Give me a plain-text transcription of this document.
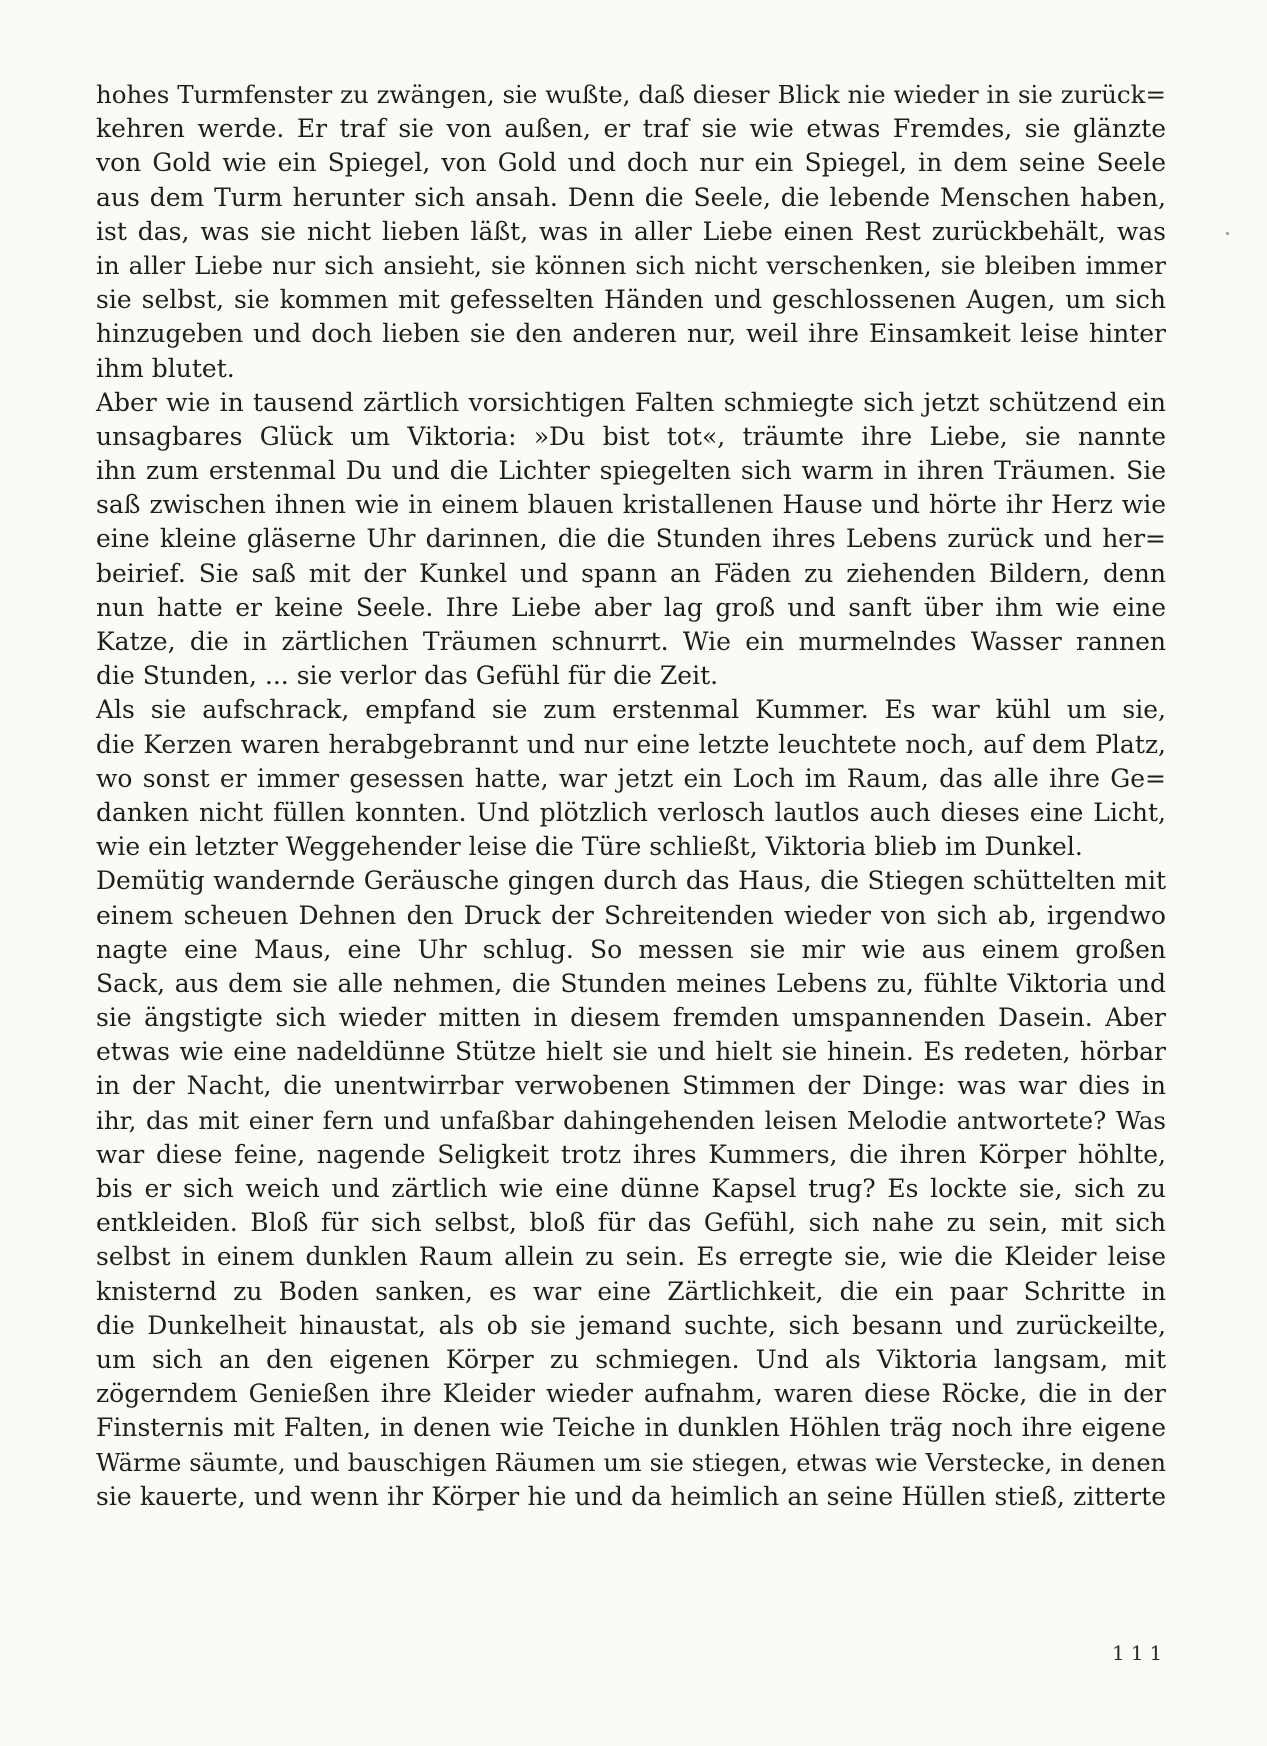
hohes Turmfenster zu zwängen, sie wußte, daß dieser Blick nie wieder in sie zurück=
kehren werde. Er traf sie von außen, er traf sie wie etwas Fremdes, sie glänzte
von Gold wie ein Spiegel, von Gold und doch nur ein Spiegel, in dem seine Seele
aus dem Turm herunter sich ansah. Denn die Seele, die lebende Menschen haben,
ist das, was sie nicht lieben läßt, was in aller Liebe einen Rest zurückbehält, was
in aller Liebe nur sich ansieht, sie können sich nicht verschenken, sie bleiben immer
sie selbst, sie kommen mit gefesselten Händen und geschlossenen Augen, um sich
hinzugeben und doch lieben sie den anderen nur, weil ihre Einsamkeit leise hinter
ihm blutet.
Aber wie in tausend zärtlich vorsichtigen Falten schmiegte sich jetzt schützend ein
unsagbares Glück um Viktoria: »Du bist tot«, träumte ihre Liebe, sie nannte
ihn zum erstenmal Du und die Lichter spiegelten sich warm in ihren Träumen. Sie
saß zwischen ihnen wie in einem blauen kristallenen Hause und hörte ihr Herz wie
eine kleine gläserne Uhr darinnen, die die Stunden ihres Lebens zurück und her=
beirief. Sie saß mit der Kunkel und spann an Fäden zu ziehenden Bildern, denn
nun hatte er keine Seele. Ihre Liebe aber lag groß und sanft über ihm wie eine
Katze, die in zärtlichen Träumen schnurrt. Wie ein murmelndes Wasser rannen
die Stunden, ... sie verlor das Gefühl für die Zeit.
Als sie aufschrack, empfand sie zum erstenmal Kummer. Es war kühl um sie,
die Kerzen waren herabgebrannt und nur eine letzte leuchtete noch, auf dem Platz,
wo sonst er immer gesessen hatte, war jetzt ein Loch im Raum, das alle ihre Ge=
danken nicht füllen konnten. Und plötzlich verlosch lautlos auch dieses eine Licht,
wie ein letzter Weggehender leise die Türe schließt, Viktoria blieb im Dunkel.
Demütig wandernde Geräusche gingen durch das Haus, die Stiegen schüttelten mit
einem scheuen Dehnen den Druck der Schreitenden wieder von sich ab, irgendwo
nagte eine Maus, eine Uhr schlug. So messen sie mir wie aus einem großen
Sack, aus dem sie alle nehmen, die Stunden meines Lebens zu, fühlte Viktoria und
sie ängstigte sich wieder mitten in diesem fremden umspannenden Dasein. Aber
etwas wie eine nadeldünne Stütze hielt sie und hielt sie hinein. Es redeten, hörbar
in der Nacht, die unentwirrbar verwobenen Stimmen der Dinge: was war dies in
ihr, das mit einer fern und unfaßbar dahingehenden leisen Melodie antwortete? Was
war diese feine, nagende Seligkeit trotz ihres Kummers, die ihren Körper höhlte,
bis er sich weich und zärtlich wie eine dünne Kapsel trug? Es lockte sie, sich zu
entkleiden. Bloß für sich selbst, bloß für das Gefühl, sich nahe zu sein, mit sich
selbst in einem dunklen Raum allein zu sein. Es erregte sie, wie die Kleider leise
knisternd zu Boden sanken, es war eine Zärtlichkeit, die ein paar Schritte in
die Dunkelheit hinaustat, als ob sie jemand suchte, sich besann und zurückeilte,
um sich an den eigenen Körper zu schmiegen. Und als Viktoria langsam, mit
zögerndem Genießen ihre Kleider wieder aufnahm, waren diese Röcke, die in der
Finsternis mit Falten, in denen wie Teiche in dunklen Höhlen träg noch ihre eigene
Wärme säumte, und bauschigen Räumen um sie stiegen, etwas wie Verstecke, in denen
sie kauerte, und wenn ihr Körper hie und da heimlich an seine Hüllen stieß, zitterte
111
